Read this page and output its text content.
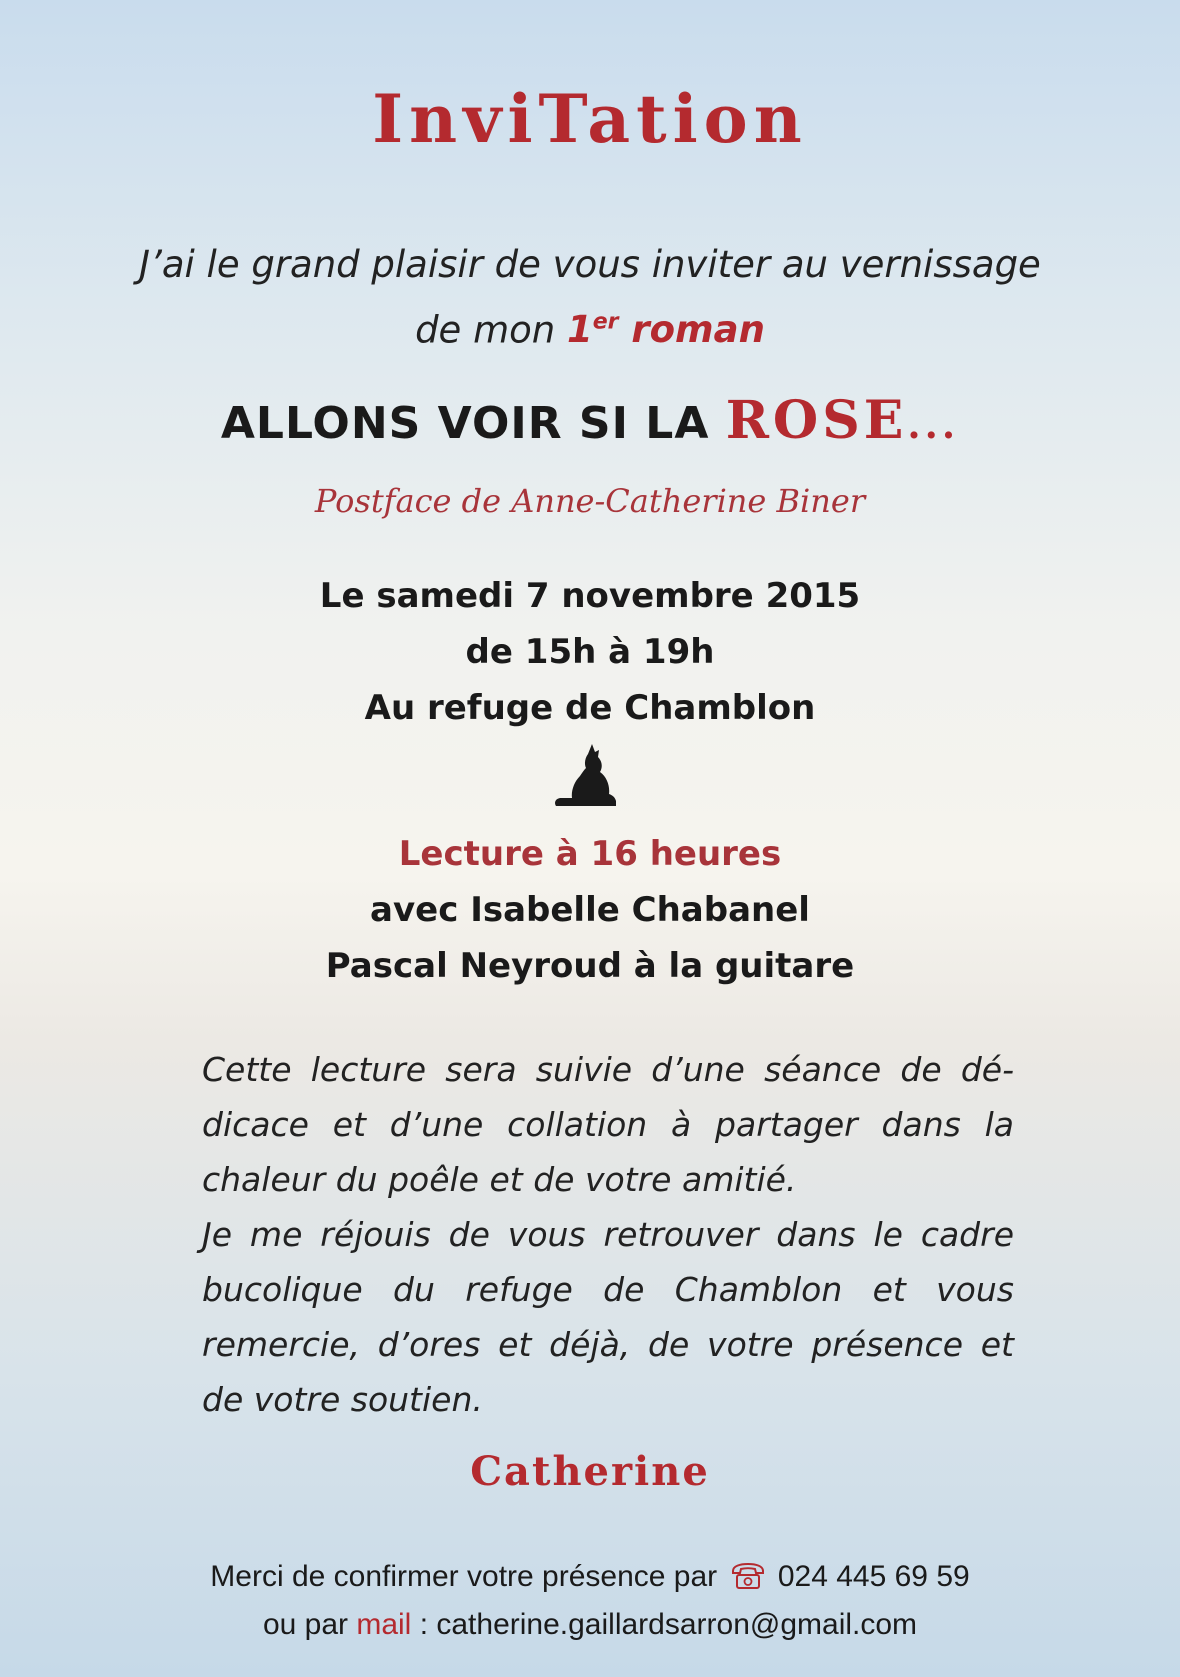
InviTation
J’ai le grand plaisir de vous inviter au vernissage
de mon 1er roman
ALLONS VOIR SI LA ROSE...
Postface de Anne-Catherine Biner
Le samedi 7 novembre 2015
de 15h à 19h
Au refuge de Chamblon
Lecture à 16 heures
avec Isabelle Chabanel
Pascal Neyroud à la guitare

Cette lecture sera suivie d’une séance de dé-dicace et d’une collation à partager dans la chaleur du poêle et de votre amitié.

Je me réjouis de vous retrouver dans le cadre bucolique du refuge de Chamblon et vous remercie, d’ores et déjà, de votre présence et de votre soutien.

Catherine
Merci de confirmer votre présence par 024 445 69 59
ou par mail : catherine.gaillardsarron@gmail.com
